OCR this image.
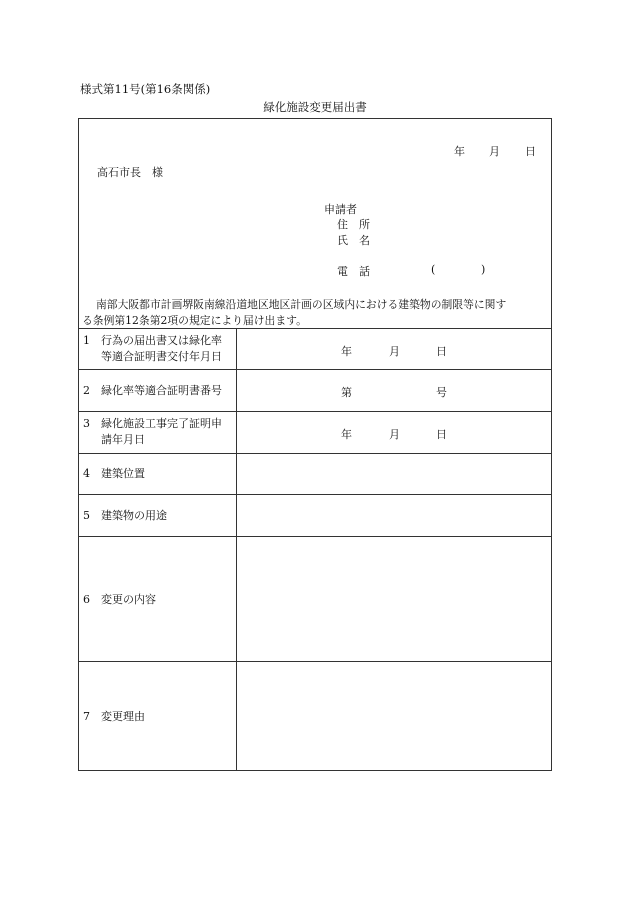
様式第11号(第16条関係)
緑化施設変更届出書
年 月 日
高石市長　様
申請者
住　所
氏　名
電　話	(	)
南部大阪都市計画堺阪南線沿道地区地区計画の区域内における建築物の制限等に関す
る条例第12条第2項の規定により届け出ます。
1 行為の届出書又は緑化率
等適合証明書交付年月日	年	月	日
2 緑化率等適合証明書番号	第	号
3 緑化施設工事完了証明申
請年月日	年	月	日
4 建築位置
5 建築物の用途
6 変更の内容
7 変更理由
